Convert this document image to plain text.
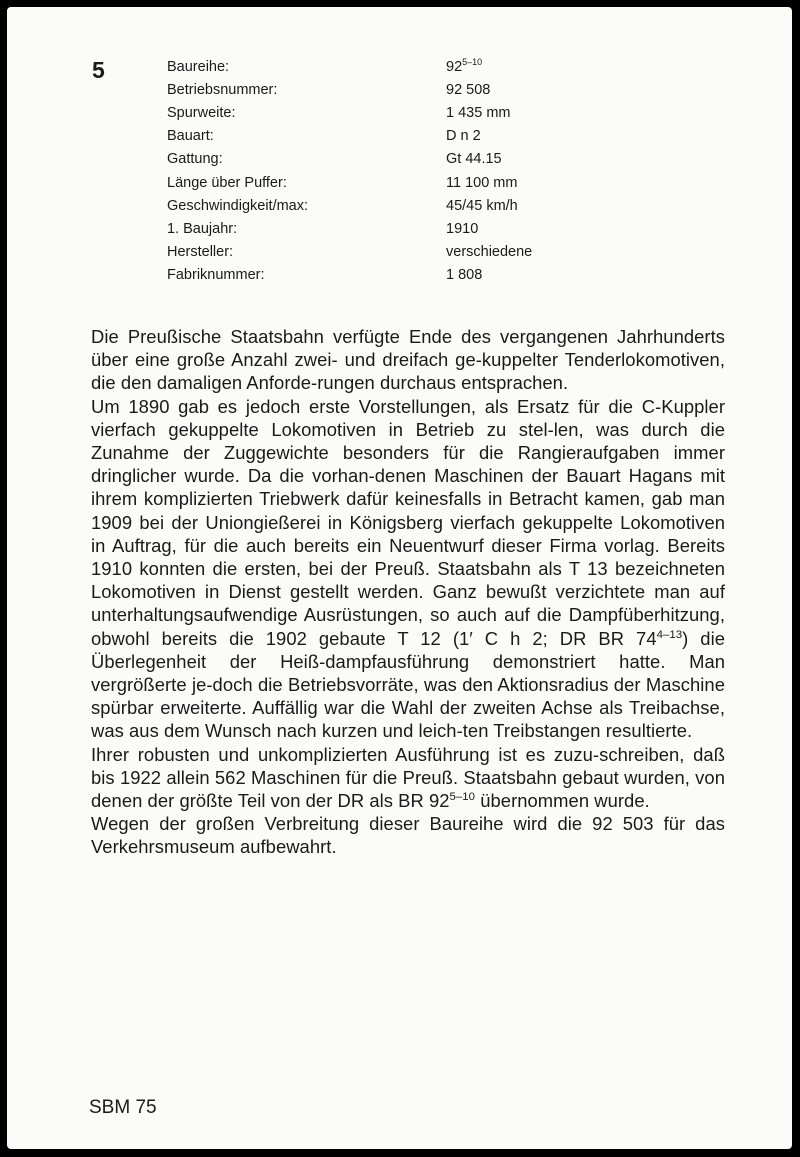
5	Baureihe:	92$^{5-10}$
Betriebsnummer:	92 508
Spurweite:	1 435 mm
Bauart:	D n 2
Gattung:	Gt 44.15
Länge über Puffer:	11 100 mm
Geschwindigkeit/max:	45/45 km/h
1. Baujahr:	1910
Hersteller:	verschiedene
Fabriknummer:	1 808

Die Preußische Staatsbahn verfügte Ende des vergangenen Jahrhunderts über eine große Anzahl zwei- und dreifach ge-kuppelter Tenderlokomotiven, die den damaligen Anforde-rungen durchaus entsprachen.

Um 1890 gab es jedoch erste Vorstellungen, als Ersatz für die C-Kuppler vierfach gekuppelte Lokomotiven in Betrieb zu stel-len, was durch die Zunahme der Zuggewichte besonders für die Rangieraufgaben immer dringlicher wurde. Da die vorhan-denen Maschinen der Bauart Hagans mit ihrem komplizierten Triebwerk dafür keinesfalls in Betracht kamen, gab man 1909 bei der Uniongießerei in Königsberg vierfach gekuppelte Lokomotiven in Auftrag, für die auch bereits ein Neuentwurf dieser Firma vorlag. Bereits 1910 konnten die ersten, bei der Preuß. Staatsbahn als T 13 bezeichneten Lokomotiven in Dienst gestellt werden. Ganz bewußt verzichtete man auf unterhaltungsaufwendige Ausrüstungen, so auch auf die Dampfüberhitzung, obwohl bereits die 1902 gebaute T 12 (1′ C h 2; DR BR 74$^{4-13}$) die Überlegenheit der Heiß-dampfausführung demonstriert hatte. Man vergrößerte je-doch die Betriebsvorräte, was den Aktionsradius der Maschine spürbar erweiterte. Auffällig war die Wahl der zweiten Achse als Treibachse, was aus dem Wunsch nach kurzen und leich-ten Treibstangen resultierte.

Ihrer robusten und unkomplizierten Ausführung ist es zuzu-schreiben, daß bis 1922 allein 562 Maschinen für die Preuß. Staatsbahn gebaut wurden, von denen der größte Teil von der DR als BR 92$^{5-10}$ übernommen wurde.

Wegen der großen Verbreitung dieser Baureihe wird die 92 503 für das Verkehrsmuseum aufbewahrt.

SBM 75
